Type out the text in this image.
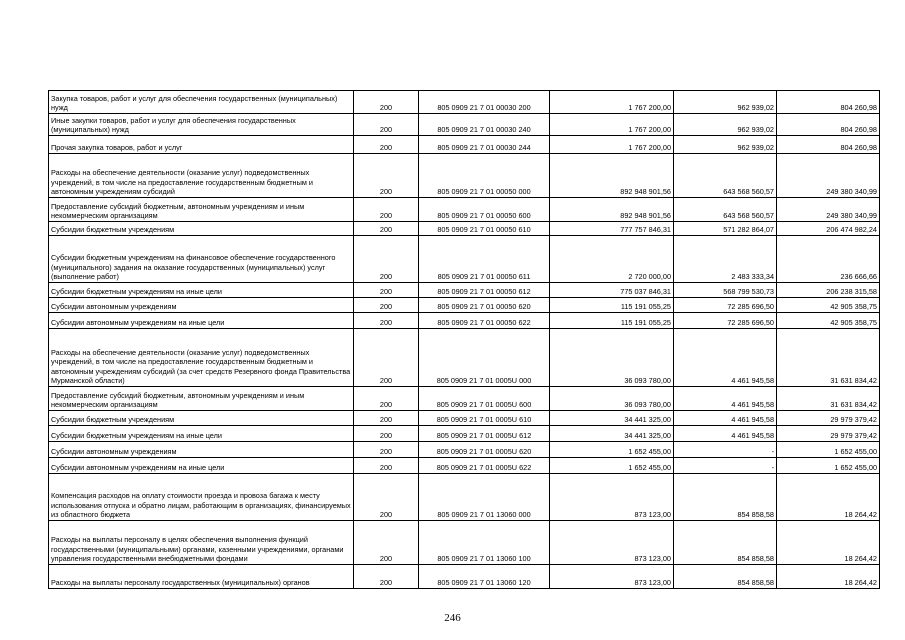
Закупка товаров, работ и услуг для обеспечения государственных (муниципальных) нужд	200	805 0909 21 7 01 00030 200	1 767 200,00	962 939,02	804 260,98
Иные закупки товаров, работ и услуг для обеспечения государственных (муниципальных) нужд	200	805 0909 21 7 01 00030 240	1 767 200,00	962 939,02	804 260,98
Прочая закупка товаров, работ и услуг	200	805 0909 21 7 01 00030 244	1 767 200,00	962 939,02	804 260,98
Расходы на обеспечение деятельности (оказание услуг) подведомственных учреждений, в том числе на предоставление государственным бюджетным и автономным учреждениям субсидий	200	805 0909 21 7 01 00050 000	892 948 901,56	643 568 560,57	249 380 340,99
Предоставление субсидий бюджетным, автономным учреждениям и иным некоммерческим организациям	200	805 0909 21 7 01 00050 600	892 948 901,56	643 568 560,57	249 380 340,99
Субсидии бюджетным учреждениям	200	805 0909 21 7 01 00050 610	777 757 846,31	571 282 864,07	206 474 982,24
Субсидии бюджетным учреждениям на финансовое обеспечение государственного (муниципального) задания на оказание государственных (муниципальных) услуг (выполнение работ)	200	805 0909 21 7 01 00050 611	2 720 000,00	2 483 333,34	236 666,66
Субсидии бюджетным учреждениям на иные цели	200	805 0909 21 7 01 00050 612	775 037 846,31	568 799 530,73	206 238 315,58
Субсидии автономным учреждениям	200	805 0909 21 7 01 00050 620	115 191 055,25	72 285 696,50	42 905 358,75
Субсидии автономным учреждениям на иные цели	200	805 0909 21 7 01 00050 622	115 191 055,25	72 285 696,50	42 905 358,75
Расходы на обеспечение деятельности (оказание услуг) подведомственных учреждений, в том числе на предоставление государственным бюджетным и автономным учреждениям субсидий (за счет средств Резервного фонда Правительства Мурманской области)	200	805 0909 21 7 01 0005U 000	36 093 780,00	4 461 945,58	31 631 834,42
Предоставление субсидий бюджетным, автономным учреждениям и иным некоммерческим организациям	200	805 0909 21 7 01 0005U 600	36 093 780,00	4 461 945,58	31 631 834,42
Субсидии бюджетным учреждениям	200	805 0909 21 7 01 0005U 610	34 441 325,00	4 461 945,58	29 979 379,42
Субсидии бюджетным учреждениям на иные цели	200	805 0909 21 7 01 0005U 612	34 441 325,00	4 461 945,58	29 979 379,42
Субсидии автономным учреждениям	200	805 0909 21 7 01 0005U 620	1 652 455,00	-	1 652 455,00
Субсидии автономным учреждениям на иные цели	200	805 0909 21 7 01 0005U 622	1 652 455,00	-	1 652 455,00
Компенсация расходов на оплату стоимости проезда и провоза багажа к месту использования отпуска и обратно лицам, работающим в организациях, финансируемых из областного бюджета	200	805 0909 21 7 01 13060 000	873 123,00	854 858,58	18 264,42
Расходы на выплаты персоналу в целях обеспечения выполнения функций государственными (муниципальными) органами, казенными учреждениями, органами управления государственными внебюджетными фондами	200	805 0909 21 7 01 13060 100	873 123,00	854 858,58	18 264,42
Расходы на выплаты персоналу государственных (муниципальных) органов	200	805 0909 21 7 01 13060 120	873 123,00	854 858,58	18 264,42
246
